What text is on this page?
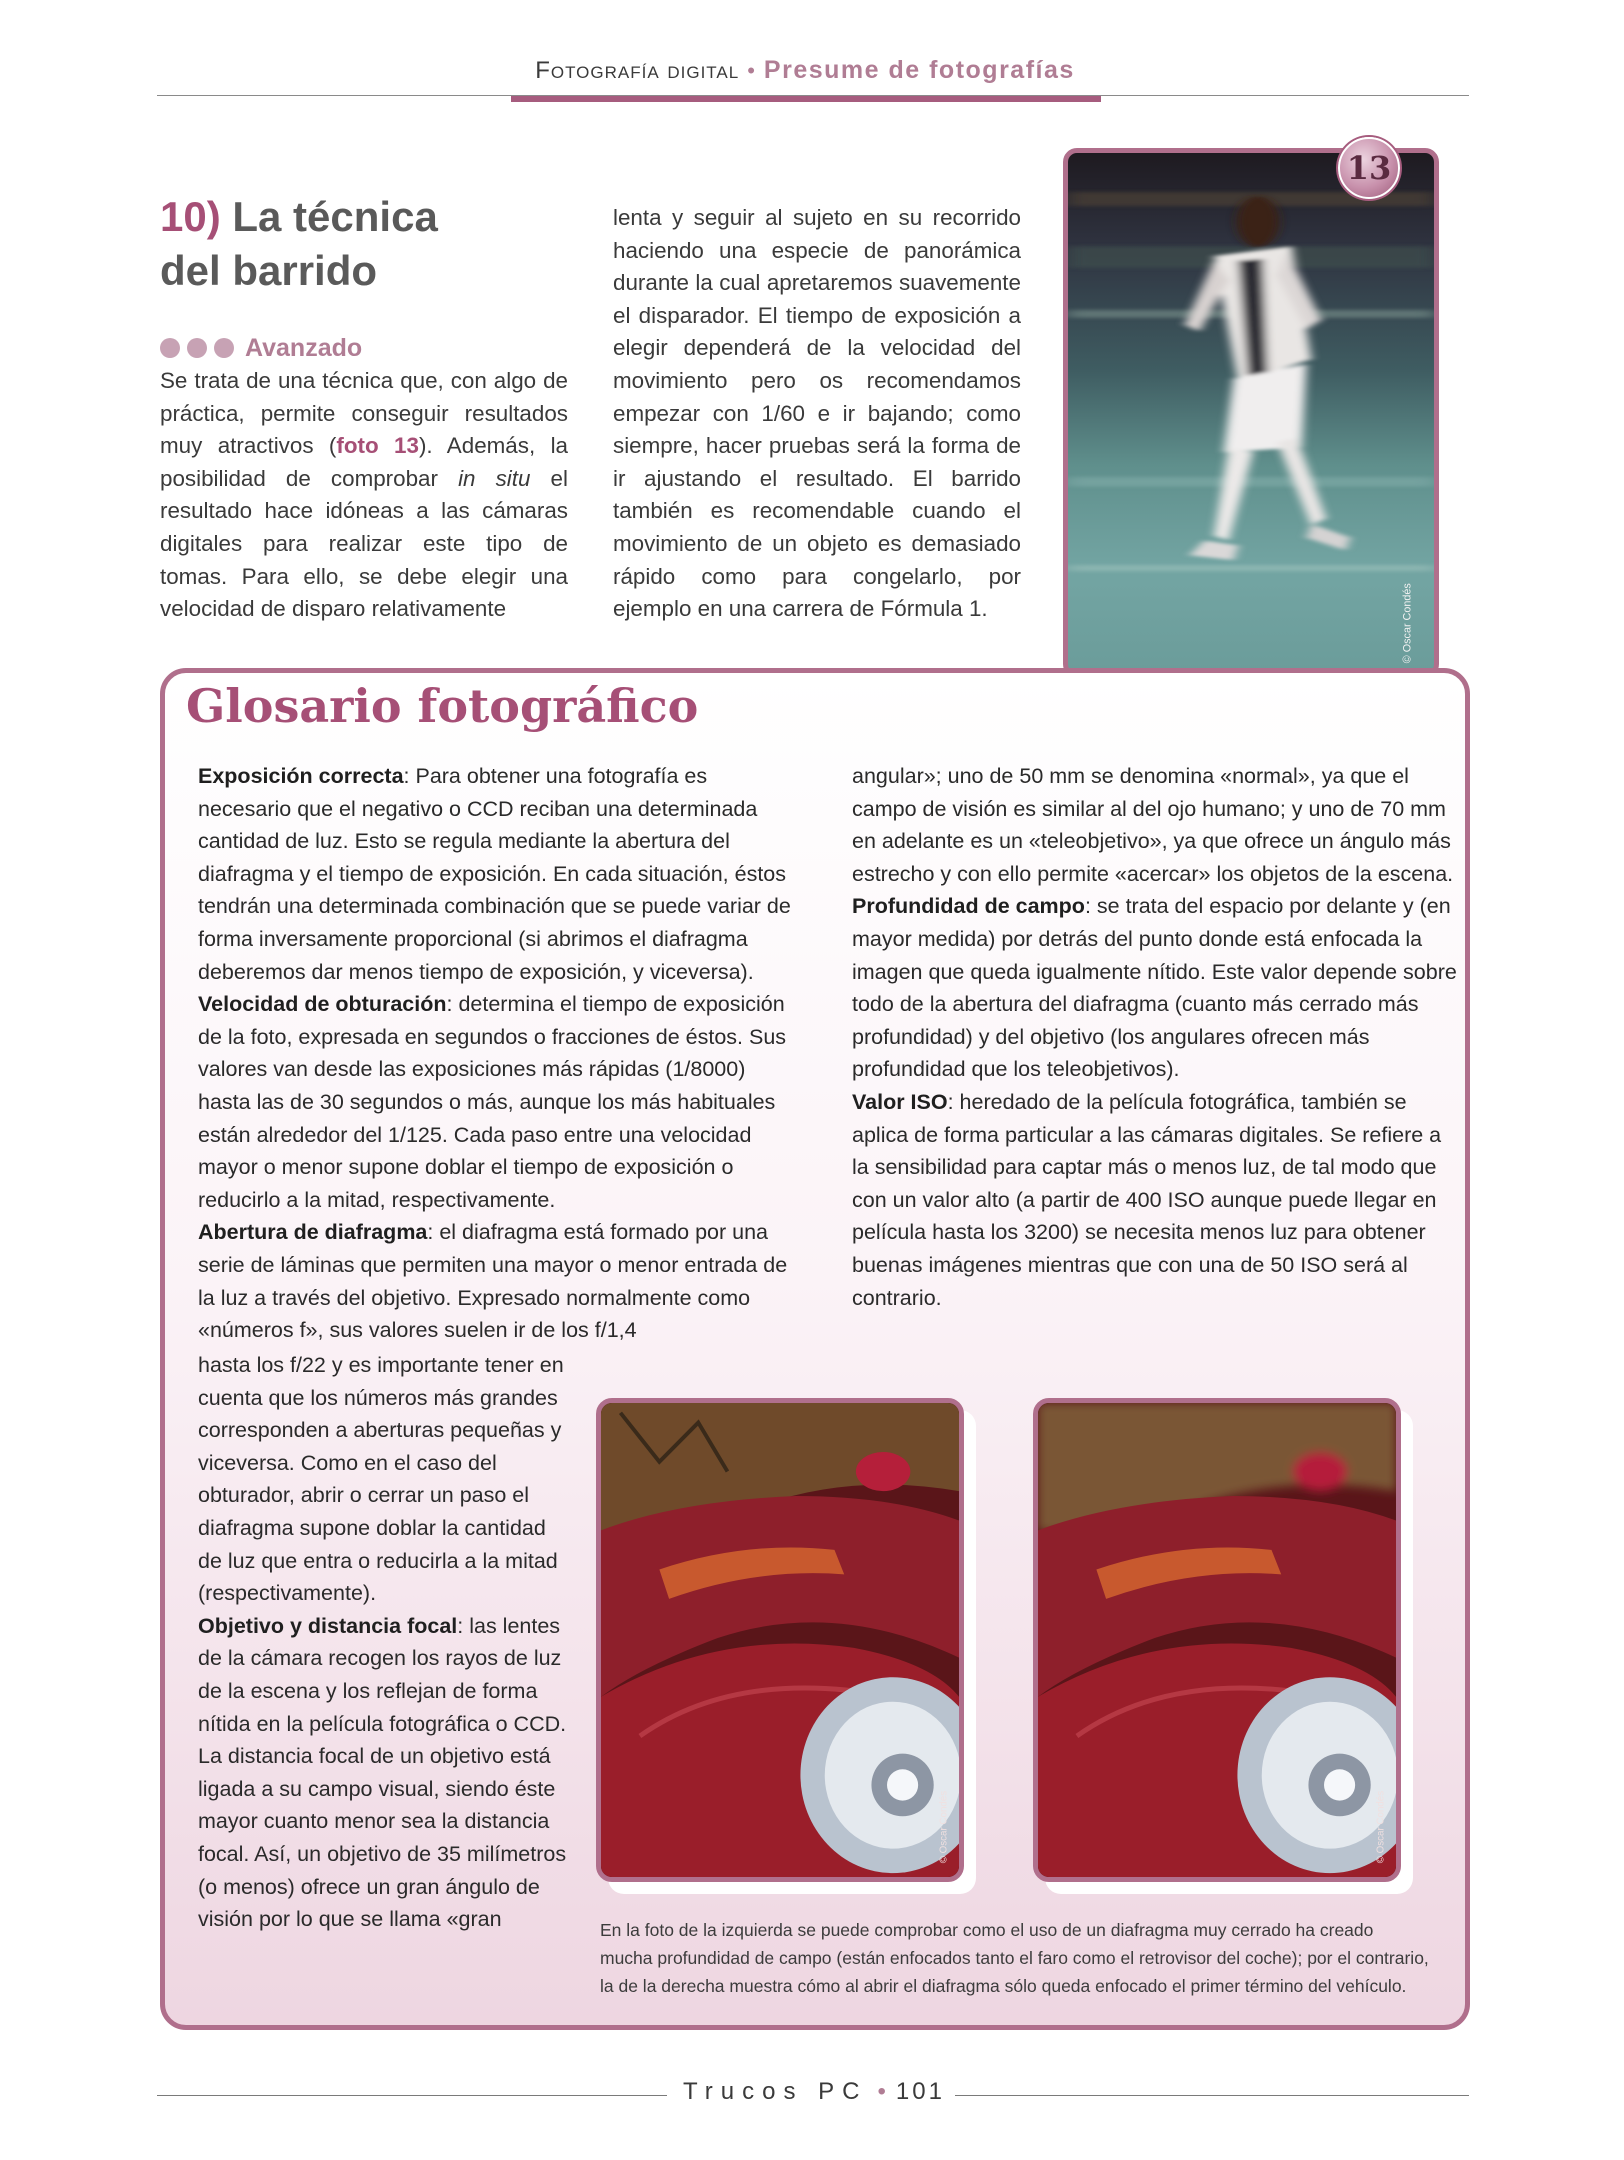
Fotografía digital • Presume de fotografías
10) La técnica
del barrido
Avanzado

Se trata de una técnica que, con algo de práctica, permite conseguir resultados muy atractivos (foto 13). Además, la posibilidad de comprobar in situ el resultado hace idóneas a las cámaras digitales para realizar este tipo de tomas. Para ello, se debe elegir una velocidad de disparo relativamente

lenta y seguir al sujeto en su recorrido haciendo una especie de panorámica durante la cual apretaremos suavemente el disparador. El tiempo de exposición a elegir dependerá de la velocidad del movimiento pero os recomendamos empezar con 1/60 e ir bajando; como siempre, hacer pruebas será la forma de ir ajustando el resultado. El barrido también es recomendable cuando el movimiento de un objeto es demasiado rápido como para congelarlo, por ejemplo en una carrera de Fórmula 1.	© Oscar Condés
13
Glosario fotográfico

Exposición correcta: Para obtener una fotografía es necesario que el negativo o CCD reciban una determinada cantidad de luz. Esto se regula mediante la abertura del diafragma y el tiempo de exposición. En cada situación, éstos tendrán una determinada combinación que se puede variar de forma inversamente proporcional (si abrimos el diafragma deberemos dar menos tiempo de exposición, y viceversa).

Velocidad de obturación: determina el tiempo de exposición de la foto, expresada en segundos o fracciones de éstos. Sus valores van desde las exposiciones más rápidas (1/8000) hasta las de 30 segundos o más, aunque los más habituales están alrededor del 1/125. Cada paso entre una velocidad mayor o menor supone doblar el tiempo de exposición o reducirlo a la mitad, respectivamente.

Abertura de diafragma: el diafragma está formado por una serie de láminas que permiten una mayor o menor entrada de la luz a través del objetivo. Expresado normalmente como «números f», sus valores suelen ir de los f/1,4

hasta los f/22 y es importante tener en cuenta que los números más grandes corresponden a aberturas pequeñas y viceversa. Como en el caso del obturador, abrir o cerrar un paso el diafragma supone doblar la cantidad de luz que entra o reducirla a la mitad (respectivamente).

Objetivo y distancia focal: las lentes de la cámara recogen los rayos de luz de la escena y los reflejan de forma nítida en la película fotográfica o CCD. La distancia focal de un objetivo está ligada a su campo visual, siendo éste mayor cuanto menor sea la distancia focal. Así, un objetivo de 35 milímetros (o menos) ofrece un gran ángulo de visión por lo que se llama «gran

angular»; uno de 50 mm se denomina «normal», ya que el campo de visión es similar al del ojo humano; y uno de 70 mm en adelante es un «teleobjetivo», ya que ofrece un ángulo más estrecho y con ello permite «acercar» los objetos de la escena.

Profundidad de campo: se trata del espacio por delante y (en mayor medida) por detrás del punto donde está enfocada la imagen que queda igualmente nítido. Este valor depende sobre todo de la abertura del diafragma (cuanto más cerrado más profundidad) y del objetivo (los angulares ofrecen más profundidad que los teleobjetivos).

Valor ISO: heredado de la película fotográfica, también se aplica de forma particular a las cámaras digitales. Se refiere a la sensibilidad para captar más o menos luz, de tal modo que con un valor alto (a partir de 400 ISO aunque puede llegar en película hasta los 3200) se necesita menos luz para obtener buenas imágenes mientras que con una de 50 ISO será al contrario.

© Oscar Condés	© Oscar Condés

En la foto de la izquierda se puede comprobar como el uso de un diafragma muy cerrado ha creado mucha profundidad de campo (están enfocados tanto el faro como el retrovisor del coche); por el contrario, la de la derecha muestra cómo al abrir el diafragma sólo queda enfocado el primer término del vehículo.

Trucos PC • 101
